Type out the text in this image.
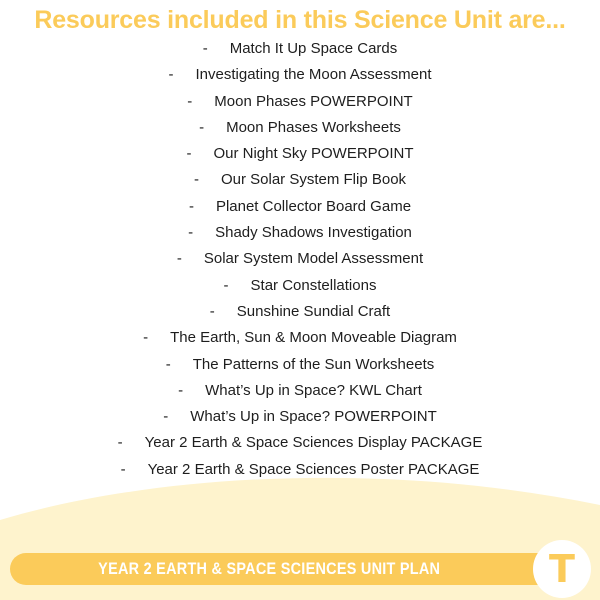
Resources included in this Science Unit are...
- Match It Up Space Cards
- Investigating the Moon Assessment
- Moon Phases POWERPOINT
- Moon Phases Worksheets
- Our Night Sky POWERPOINT
- Our Solar System Flip Book
- Planet Collector Board Game
- Shady Shadows Investigation
- Solar System Model Assessment
- Star Constellations
- Sunshine Sundial Craft
- The Earth, Sun & Moon Moveable Diagram
- The Patterns of the Sun Worksheets
- What’s Up in Space? KWL Chart
- What’s Up in Space? POWERPOINT
- Year 2 Earth & Space Sciences Display PACKAGE
- Year 2 Earth & Space Sciences Poster PACKAGE
YEAR 2 EARTH & SPACE SCIENCES UNIT PLAN	T
